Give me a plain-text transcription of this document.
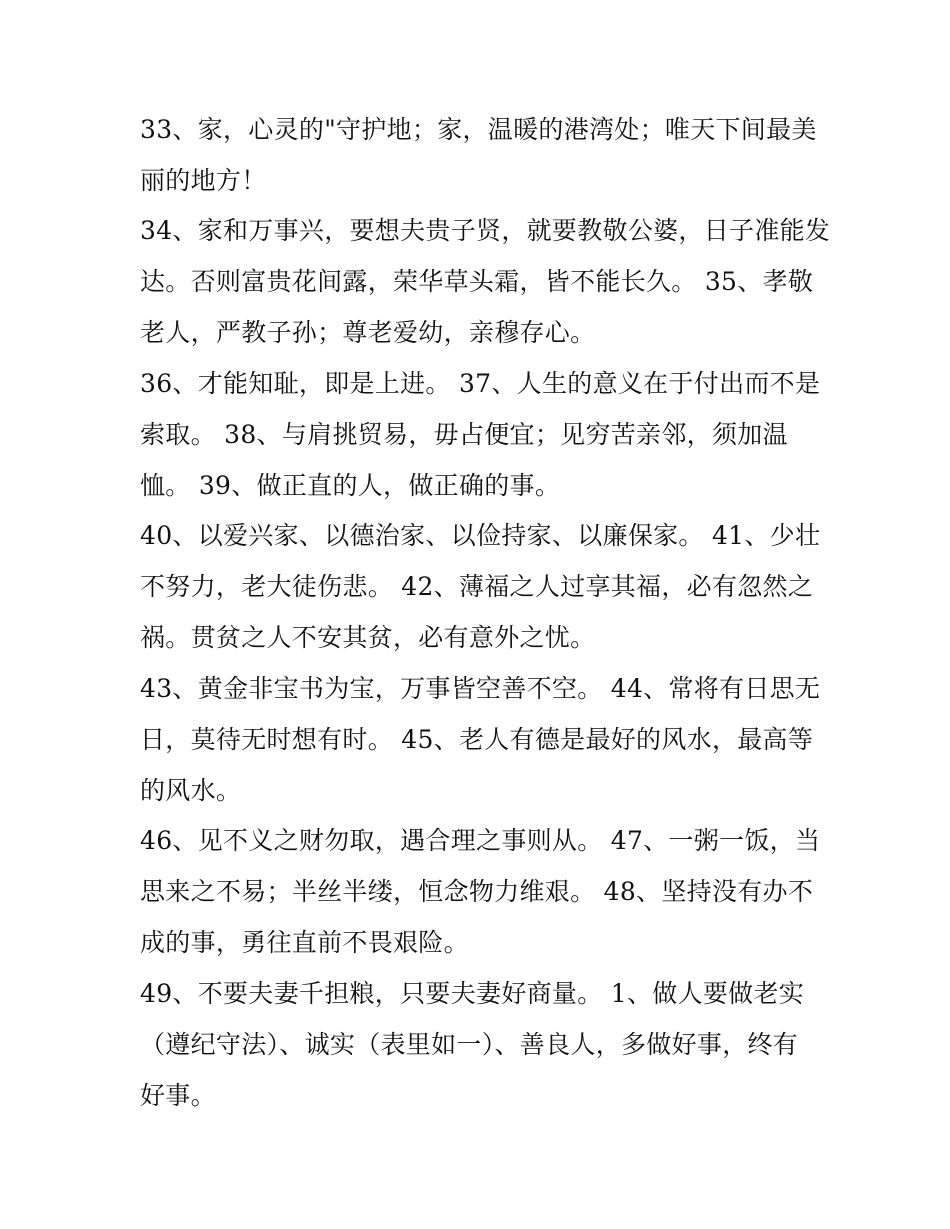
33、家，心灵的"守护地；家，温暖的港湾处；唯天下间最美
丽的地方！
34、家和万事兴，要想夫贵子贤，就要教敬公婆，日子准能发
达。否则富贵花间露，荣华草头霜，皆不能长久。 35、孝敬
老人，严教子孙；尊老爱幼，亲穆存心。
36、才能知耻，即是上进。 37、人生的意义在于付出而不是
索取。 38、与肩挑贸易，毋占便宜；见穷苦亲邻，须加温
恤。 39、做正直的人，做正确的事。
40、以爱兴家、以德治家、以俭持家、以廉保家。 41、少壮
不努力，老大徒伤悲。 42、薄福之人过享其福，必有忽然之
祸。贯贫之人不安其贫，必有意外之忧。
43、黄金非宝书为宝，万事皆空善不空。 44、常将有日思无
日，莫待无时想有时。 45、老人有德是最好的风水，最高等
的风水。
46、见不义之财勿取，遇合理之事则从。 47、一粥一饭，当
思来之不易；半丝半缕，恒念物力维艰。 48、坚持没有办不
成的事，勇往直前不畏艰险。
49、不要夫妻千担粮，只要夫妻好商量。 1、做人要做老实
（遵纪守法）、诚实（表里如一）、善良人，多做好事，终有
好事。
